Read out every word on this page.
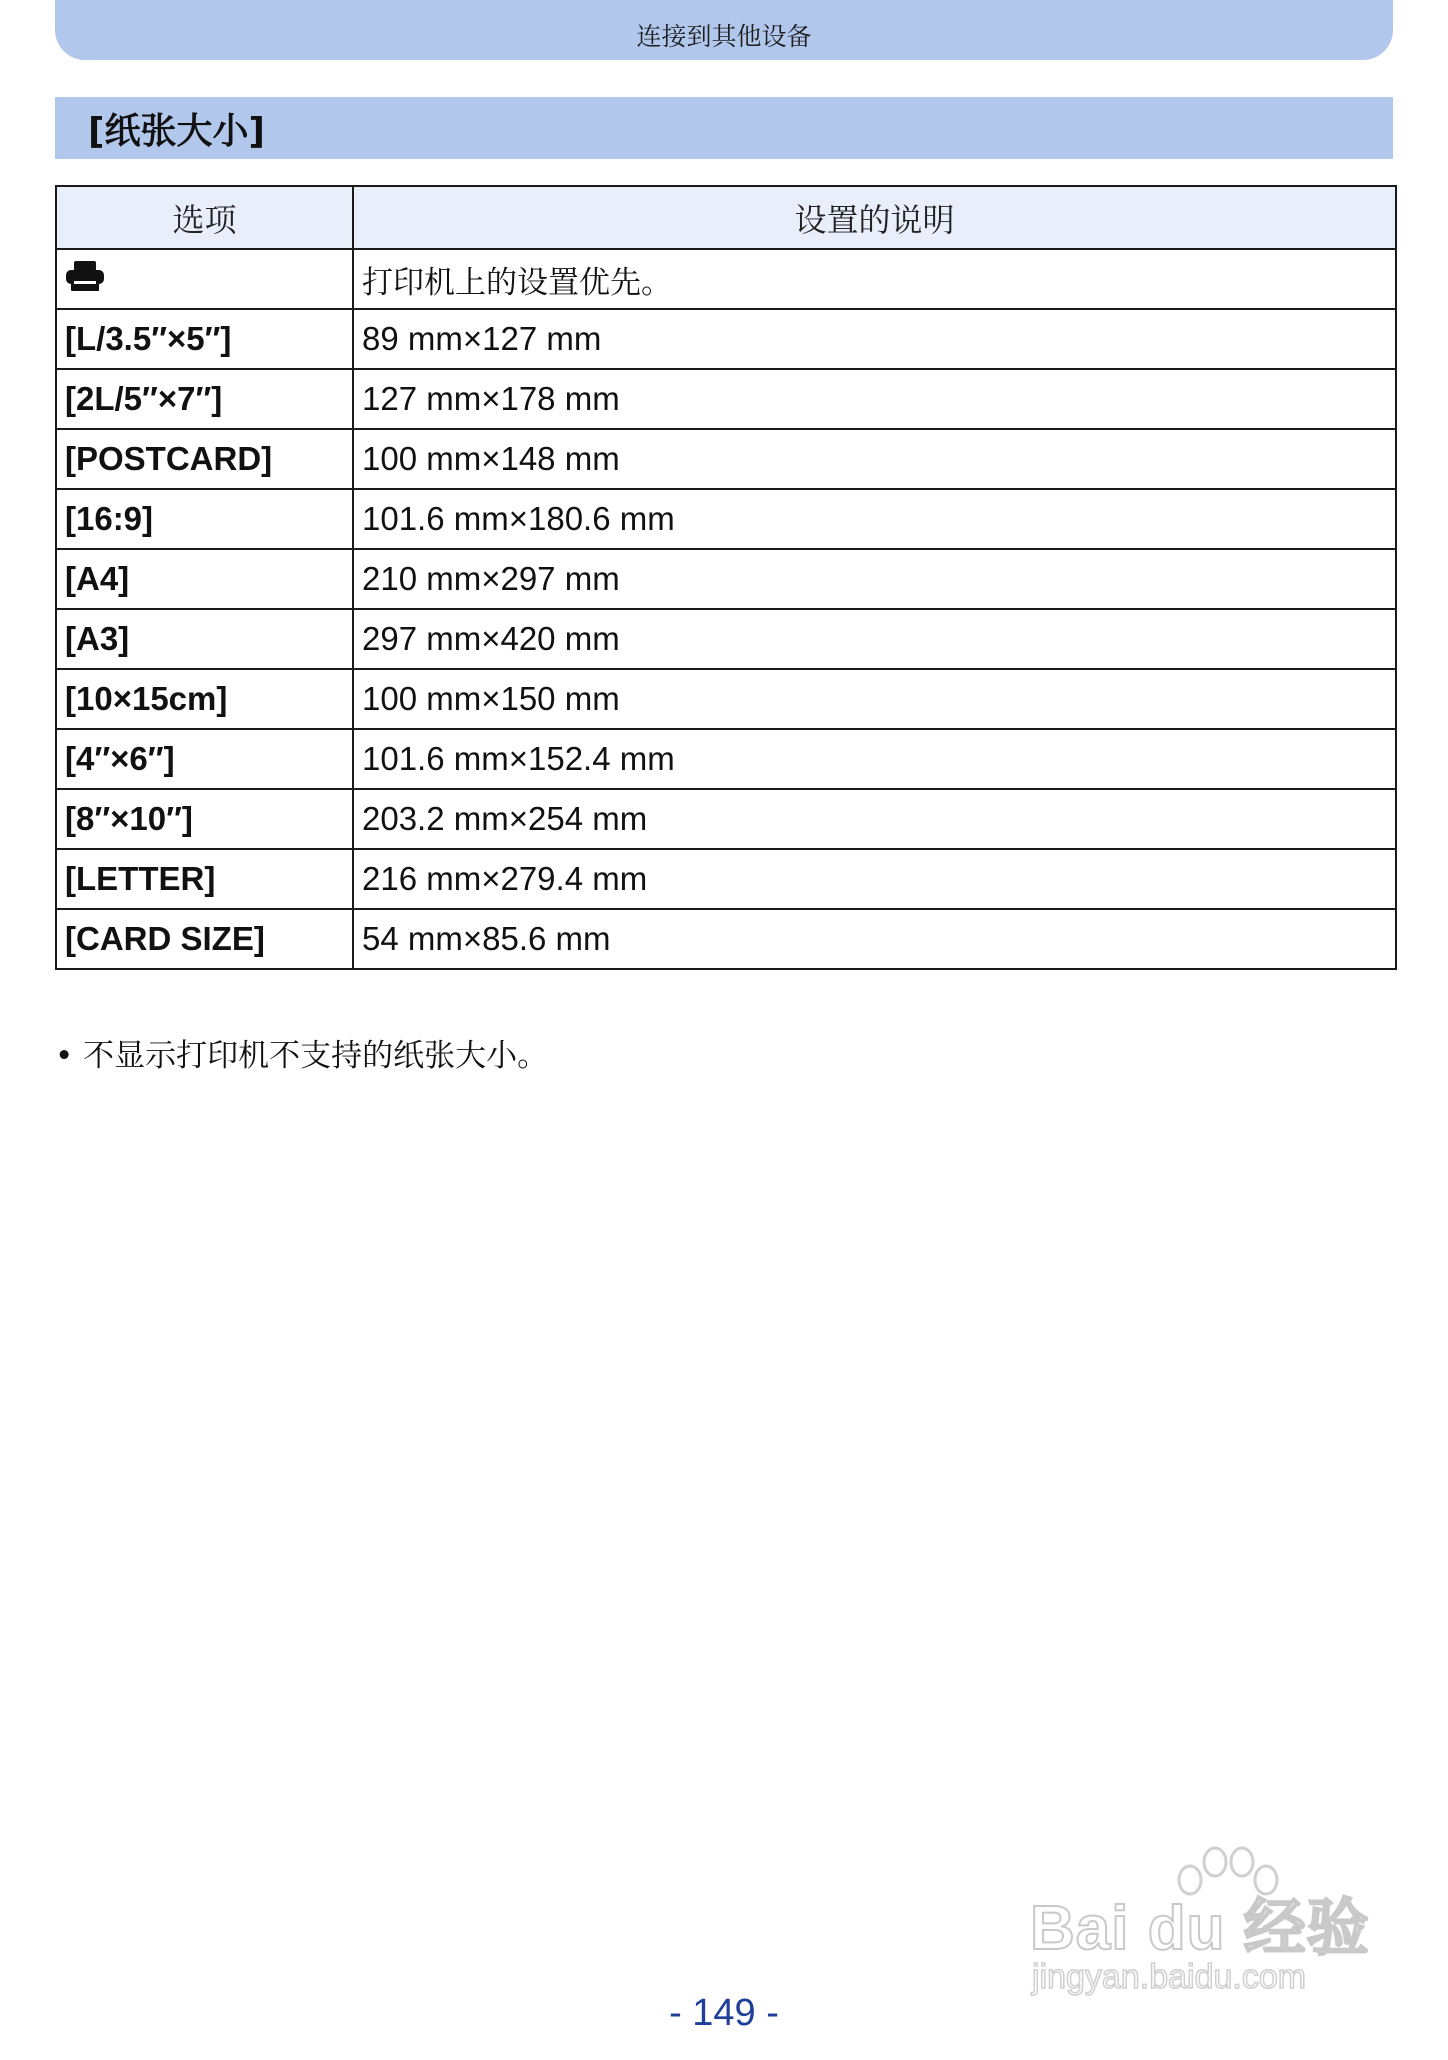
连接到其他设备
[纸张大小]
选项	设置的说明
	打印机上的设置优先。
[L/3.5″×5″]	89 mm×127 mm
[2L/5″×7″]	127 mm×178 mm
[POSTCARD]	100 mm×148 mm
[16:9]	101.6 mm×180.6 mm
[A4]	210 mm×297 mm
[A3]	297 mm×420 mm
[10×15cm]	100 mm×150 mm
[4″×6″]	101.6 mm×152.4 mm
[8″×10″]	203.2 mm×254 mm
[LETTER]	216 mm×279.4 mm
[CARD SIZE]	54 mm×85.6 mm
• 不显示打印机不支持的纸张大小。
Bai du 经验
jingyan.baidu.com
- 149 -
